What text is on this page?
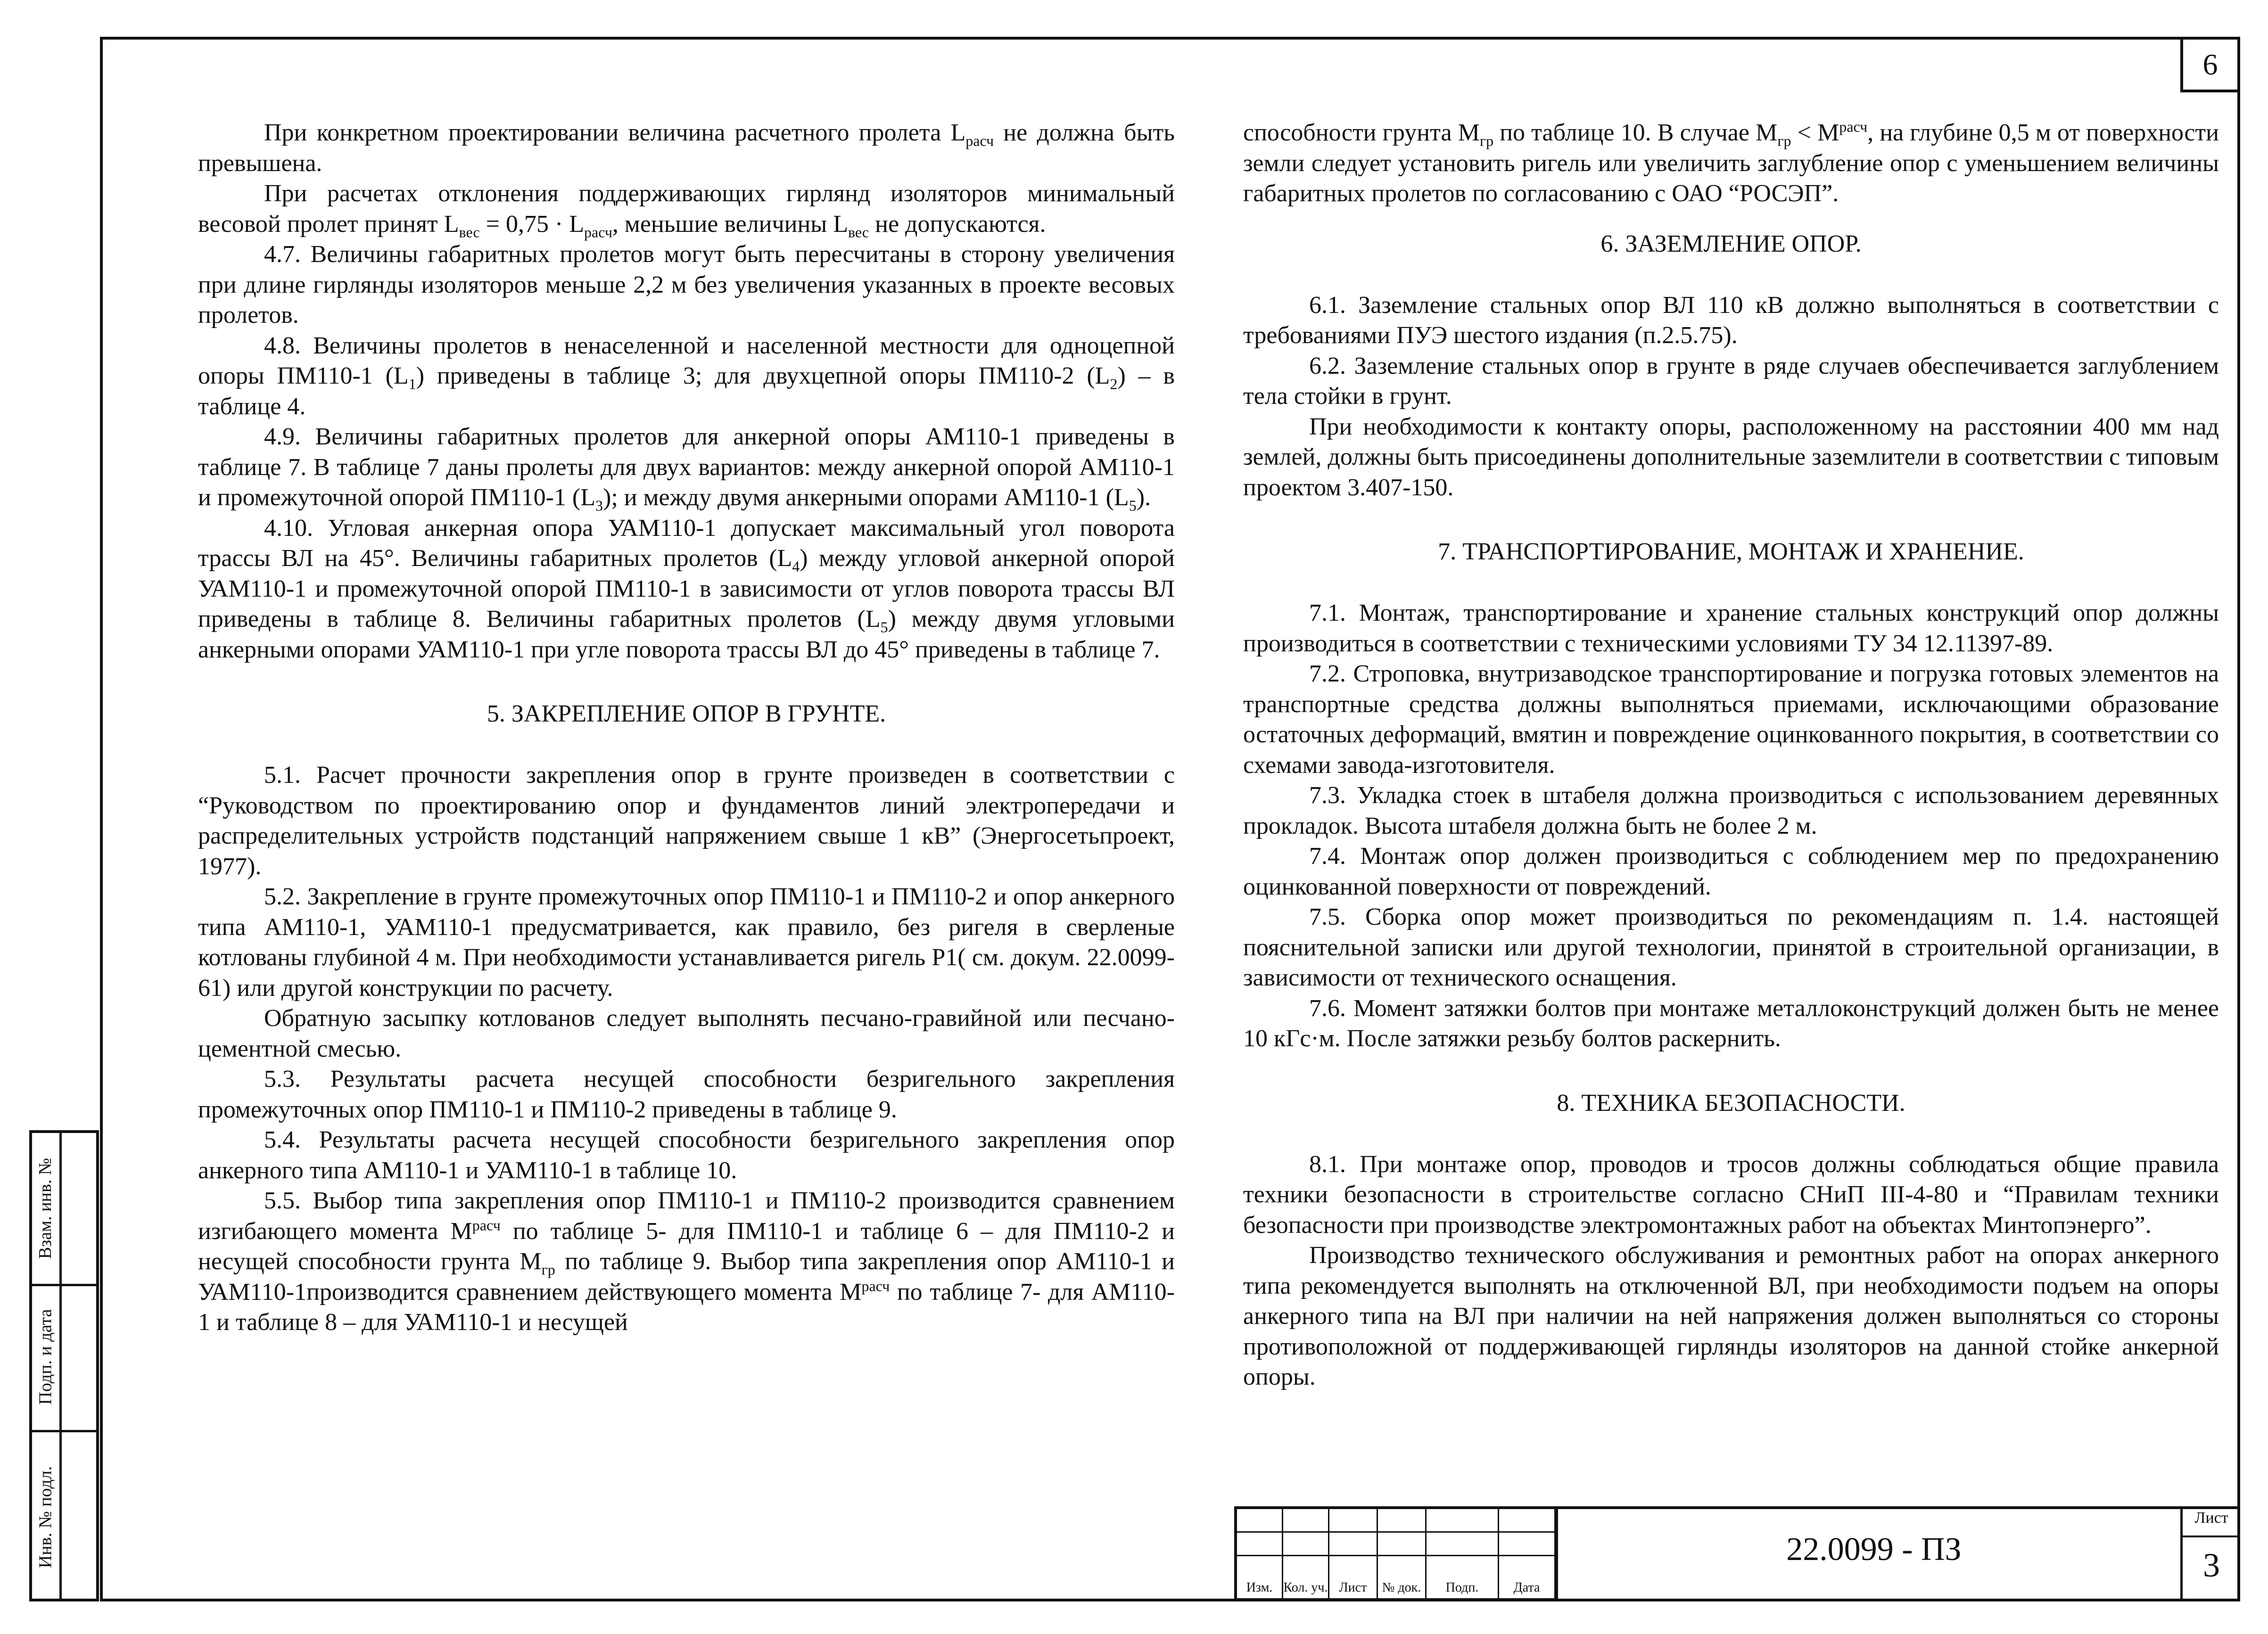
6

При конкретном проектировании величина расчетного пролета $L_{расч}$ не должна быть превышена.

При расчетах отклонения поддерживающих гирлянд изоляторов минимальный весовой пролет принят $L_{вес} = 0,75 \cdot L_{расч}$, меньшие величины $L_{вес}$ не допускаются.

4.7. Величины габаритных пролетов могут быть пересчитаны в сторону увеличения при длине гирлянды изоляторов меньше 2,2 м без увеличения указанных в проекте весовых пролетов.

4.8. Величины пролетов в ненаселенной и населенной местности для одноцепной опоры ПМ110-1 $(L_1)$ приведены в таблице 3; для двухцепной опоры ПМ110-2 $(L_2)$ – в таблице 4.

4.9. Величины габаритных пролетов для анкерной опоры АМ110-1 приведены в таблице 7. В таблице 7 даны пролеты для двух вариантов: между анкерной опорой АМ110-1 и промежуточной опорой ПМ110-1 $(L_3)$; и между двумя анкерными опорами АМ110-1 $(L_5)$.

4.10. Угловая анкерная опора УАМ110-1 допускает максимальный угол поворота трассы ВЛ на 45°. Величины габаритных пролетов $(L_4)$ между угловой анкерной опорой УАМ110-1 и промежуточной опорой ПМ110-1 в зависимости от углов поворота трассы ВЛ приведены в таблице 8. Величины габаритных пролетов $(L_5)$ между двумя угловыми анкерными опорами УАМ110-1 при угле поворота трассы ВЛ до 45° приведены в таблице 7.

5. ЗАКРЕПЛЕНИЕ ОПОР В ГРУНТЕ.

5.1. Расчет прочности закрепления опор в грунте произведен в соответствии с “Руководством по проектированию опор и фундаментов линий электропередачи и распределительных устройств подстанций напряжением свыше 1 кВ” (Энергосетьпроект, 1977).

5.2. Закрепление в грунте промежуточных опор ПМ110-1 и ПМ110-2 и опор анкерного типа АМ110-1, УАМ110-1 предусматривается, как правило, без ригеля в сверленые котлованы глубиной 4 м. При необходимости устанавливается ригель Р1( см. докум. 22.0099-61) или другой конструкции по расчету.

Обратную засыпку котлованов следует выполнять песчано-гравийной или песчано-цементной смесью.

5.3. Результаты расчета несущей способности безригельного закрепления промежуточных опор ПМ110-1 и ПМ110-2 приведены в таблице 9.

5.4. Результаты расчета несущей способности безригельного закрепления опор анкерного типа АМ110-1 и УАМ110-1 в таблице 10.

5.5. Выбор типа закрепления опор ПМ110-1 и ПМ110-2 производится сравнением изгибающего момента $М^{расч}$ по таблице 5- для ПМ110-1 и таблице 6 – для ПМ110-2 и несущей способности грунта $М_{гр}$ по таблице 9. Выбор типа закрепления опор АМ110-1 и УАМ110-1производится сравнением действующего момента $М^{расч}$ по таблице 7- для АМ110-1 и таблице 8 – для УАМ110-1 и несущей

способности грунта $М_{гр}$ по таблице 10. В случае $М_{гр} < М^{расч}$, на глубине 0,5 м от поверхности земли следует установить ригель или увеличить заглубление опор с уменьшением величины габаритных пролетов по согласованию с ОАО “РОСЭП”.

6. ЗАЗЕМЛЕНИЕ ОПОР.

6.1. Заземление стальных опор ВЛ 110 кВ должно выполняться в соответствии с требованиями ПУЭ шестого издания (п.2.5.75).

6.2. Заземление стальных опор в грунте в ряде случаев обеспечивается заглублением тела стойки в грунт.

При необходимости к контакту опоры, расположенному на расстоянии 400 мм над землей, должны быть присоединены дополнительные заземлители в соответствии с типовым проектом 3.407-150.

7. ТРАНСПОРТИРОВАНИЕ, МОНТАЖ И ХРАНЕНИЕ.

7.1. Монтаж, транспортирование и хранение стальных конструкций опор должны производиться в соответствии с техническими условиями ТУ 34 12.11397-89.

7.2. Строповка, внутризаводское транспортирование и погрузка готовых элементов на транспортные средства должны выполняться приемами, исключающими образование остаточных деформаций, вмятин и повреждение оцинкованного покрытия, в соответствии со схемами завода-изготовителя.

7.3. Укладка стоек в штабеля должна производиться с использованием деревянных прокладок. Высота штабеля должна быть не более 2 м.

7.4. Монтаж опор должен производиться с соблюдением мер по предохранению оцинкованной поверхности от повреждений.

7.5. Сборка опор может производиться по рекомендациям п. 1.4. настоящей пояснительной записки или другой технологии, принятой в строительной организации, в зависимости от технического оснащения.

7.6. Момент затяжки болтов при монтаже металлоконструкций должен быть не менее 10 кГс·м. После затяжки резьбу болтов раскернить.

8. ТЕХНИКА БЕЗОПАСНОСТИ.

8.1. При монтаже опор, проводов и тросов должны соблюдаться общие правила техники безопасности в строительстве согласно СНиП III-4-80 и “Правилам техники безопасности при производстве электромонтажных работ на объектах Минтопэнерго”.

Производство технического обслуживания и ремонтных работ на опорах анкерного типа рекомендуется выполнять на отключенной ВЛ, при необходимости подъем на опоры анкерного типа на ВЛ при наличии на ней напряжения должен выполняться со стороны противоположной от поддерживающей гирлянды изоляторов на данной стойке анкерной опоры.

Взам. инв. №
Подп. и дата
Инв. № подл.
Изм. Кол. уч. Лист	№ док.	Подп.	Дата
22.0099 - ПЗ
Лист
3
